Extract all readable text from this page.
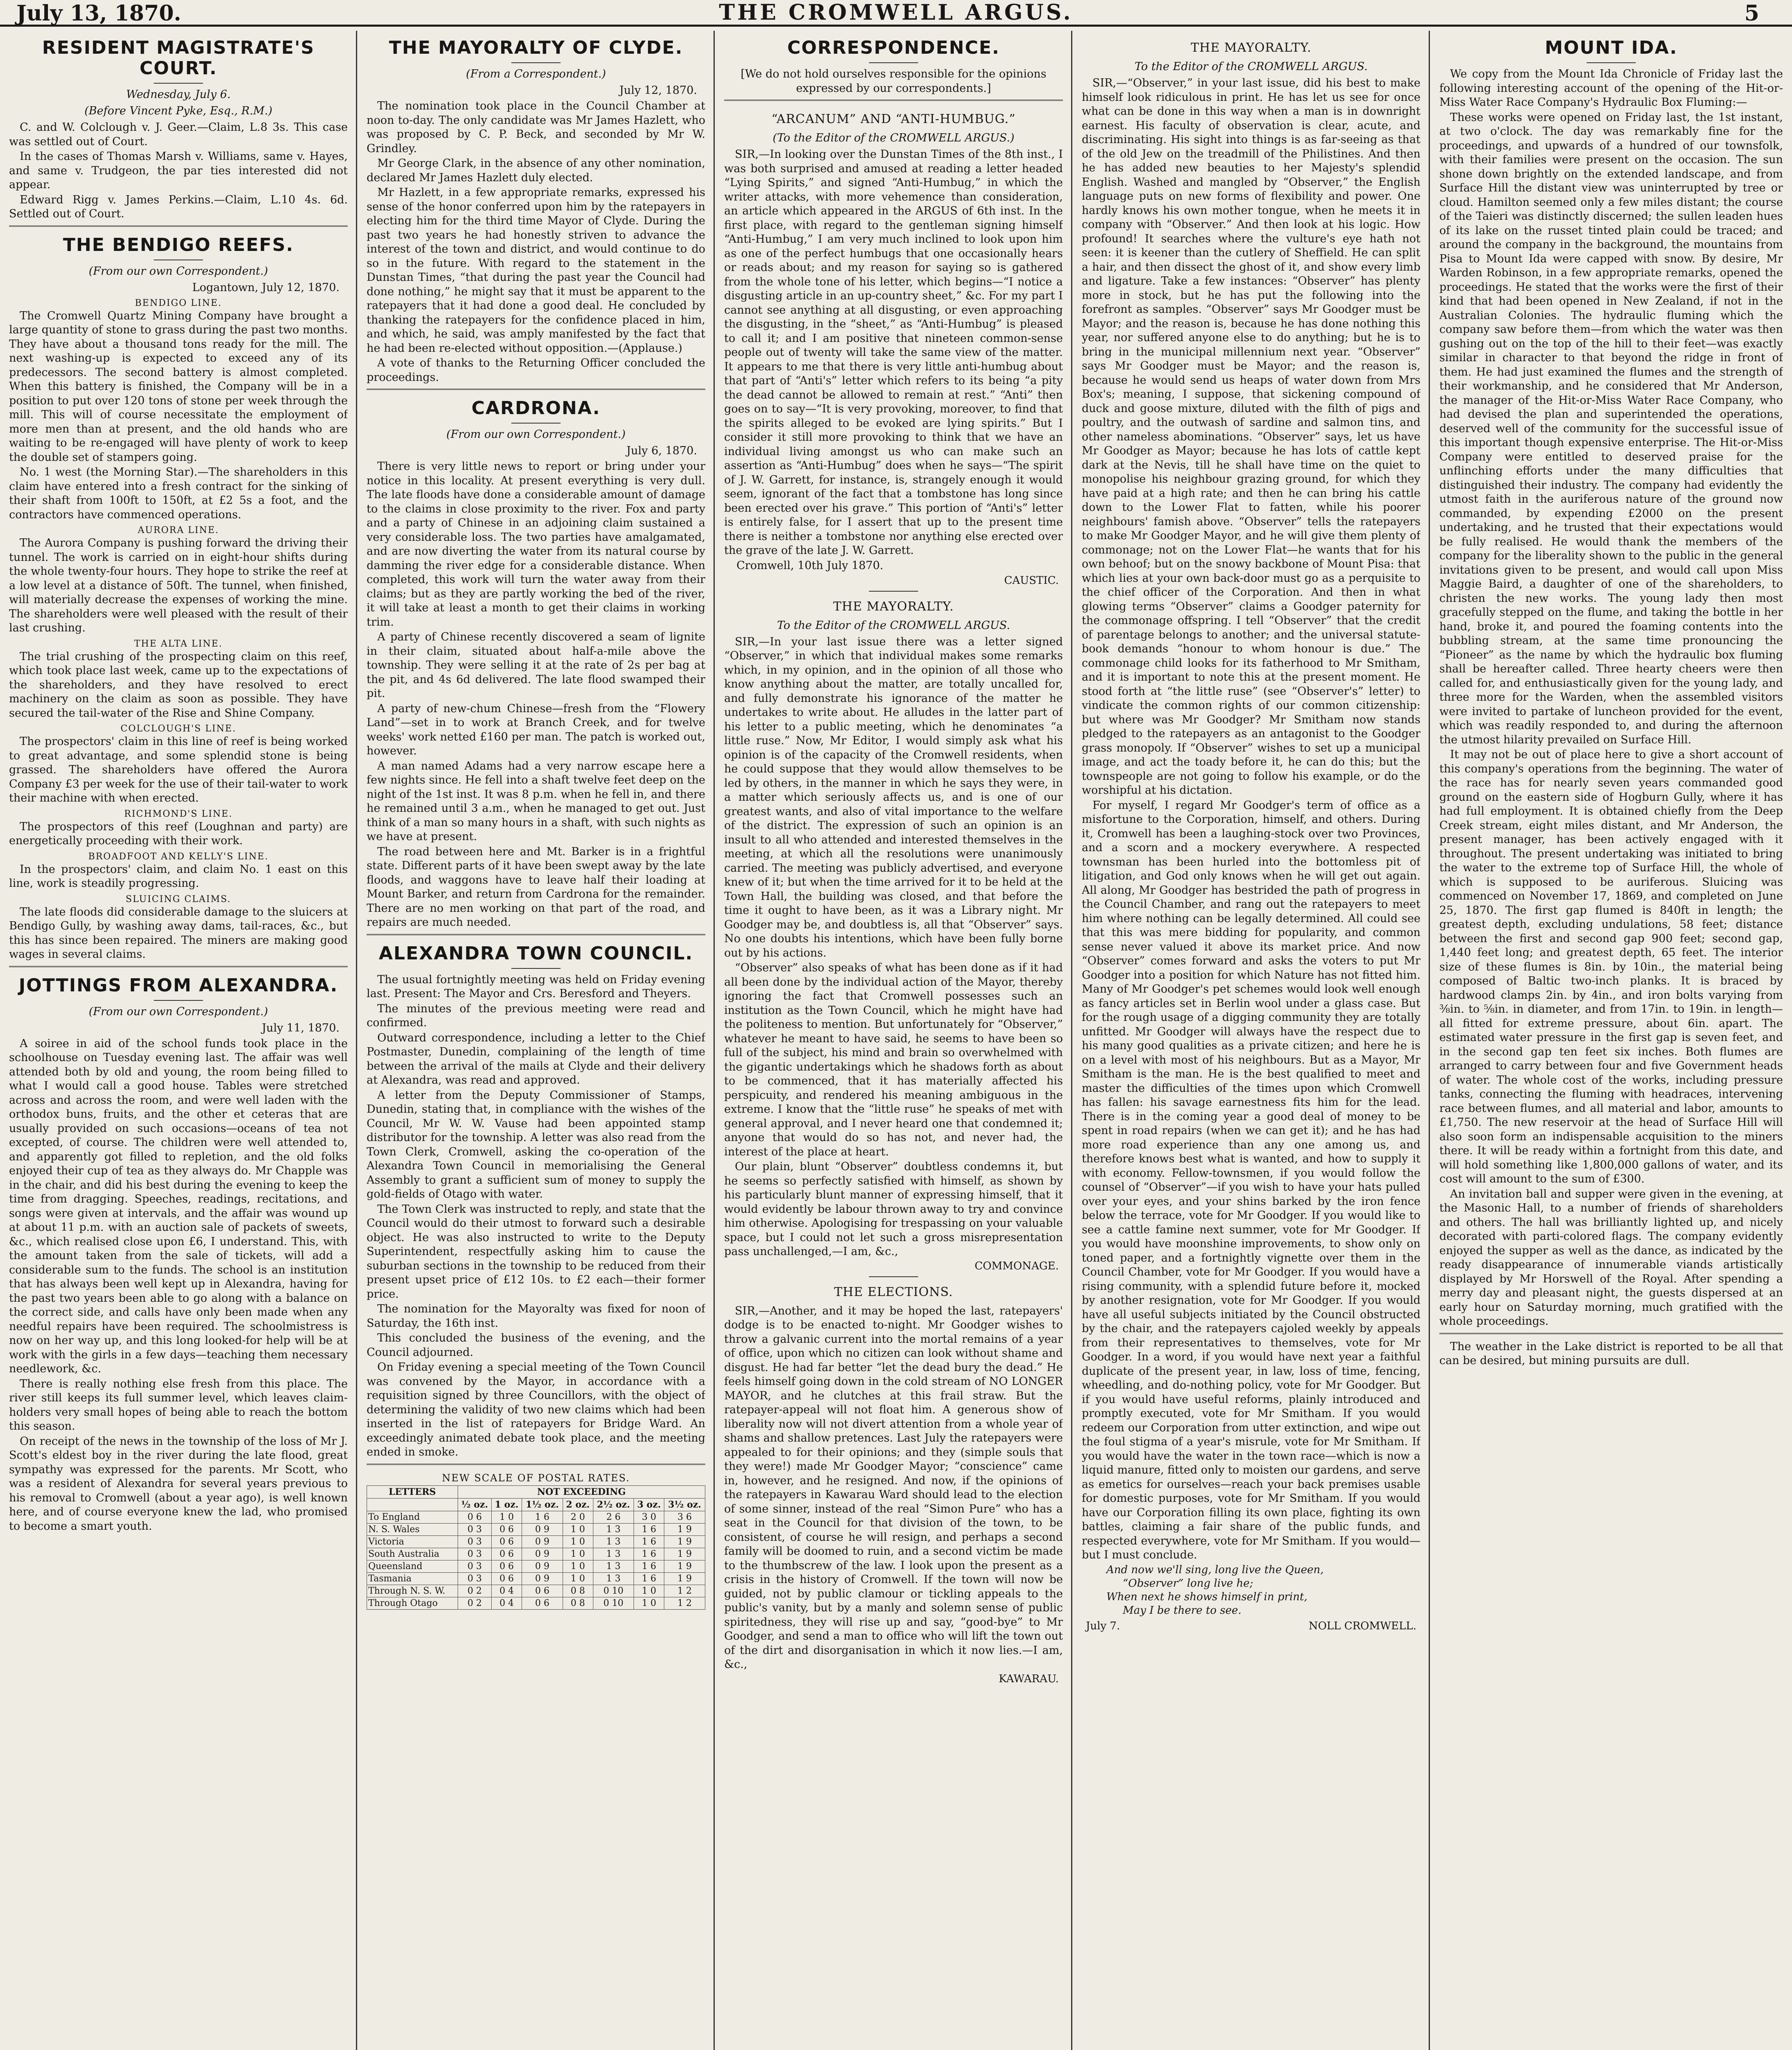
July 13, 1870.	THE CROMWELL ARGUS.	5
RESIDENT MAGISTRATE'S COURT.
Wednesday, July 6.
(Before Vincent Pyke, Esq., R.M.)

C. and W. Colclough v. J. Geer.—Claim, L.8 3s. This case was settled out of Court.

In the cases of Thomas Marsh v. Williams, same v. Hayes, and same v. Trudgeon, the par ties interested did not appear.

Edward Rigg v. James Perkins.—Claim, L.10 4s. 6d. Settled out of Court.

THE BENDIGO REEFS.
(From our own Correspondent.)
Logantown, July 12, 1870.
BENDIGO LINE.

The Cromwell Quartz Mining Company have brought a large quantity of stone to grass during the past two months. They have about a thousand tons ready for the mill. The next washing-up is expected to exceed any of its predecessors. The second battery is almost completed. When this battery is finished, the Company will be in a position to put over 120 tons of stone per week through the mill. This will of course necessitate the employment of more men than at present, and the old hands who are waiting to be re-engaged will have plenty of work to keep the double set of stampers going.

No. 1 west (the Morning Star).—The shareholders in this claim have entered into a fresh contract for the sinking of their shaft from 100ft to 150ft, at £2 5s a foot, and the contractors have commenced operations.

AURORA LINE.

The Aurora Company is pushing forward the driving their tunnel. The work is carried on in eight-hour shifts during the whole twenty-four hours. They hope to strike the reef at a low level at a distance of 50ft. The tunnel, when finished, will materially decrease the expenses of working the mine. The shareholders were well pleased with the result of their last crushing.

THE ALTA LINE.

The trial crushing of the prospecting claim on this reef, which took place last week, came up to the expectations of the shareholders, and they have resolved to erect machinery on the claim as soon as possible. They have secured the tail-water of the Rise and Shine Company.

COLCLOUGH'S LINE.

The prospectors' claim in this line of reef is being worked to great advantage, and some splendid stone is being grassed. The shareholders have offered the Aurora Company £3 per week for the use of their tail-water to work their machine with when erected.

RICHMOND'S LINE.

The prospectors of this reef (Loughnan and party) are energetically proceeding with their work.

BROADFOOT AND KELLY'S LINE.

In the prospectors' claim, and claim No. 1 east on this line, work is steadily progressing.

SLUICING CLAIMS.

The late floods did considerable damage to the sluicers at Bendigo Gully, by washing away dams, tail-races, &c., but this has since been repaired. The miners are making good wages in several claims.

JOTTINGS FROM ALEXANDRA.
(From our own Correspondent.)
July 11, 1870.

A soiree in aid of the school funds took place in the schoolhouse on Tuesday evening last. The affair was well attended both by old and young, the room being filled to what I would call a good house. Tables were stretched across and across the room, and were well laden with the orthodox buns, fruits, and the other et ceteras that are usually provided on such occasions—oceans of tea not excepted, of course. The children were well attended to, and apparently got filled to repletion, and the old folks enjoyed their cup of tea as they always do. Mr Chapple was in the chair, and did his best during the evening to keep the time from dragging. Speeches, readings, recitations, and songs were given at intervals, and the affair was wound up at about 11 p.m. with an auction sale of packets of sweets, &c., which realised close upon £6, I understand. This, with the amount taken from the sale of tickets, will add a considerable sum to the funds. The school is an institution that has always been well kept up in Alexandra, having for the past two years been able to go along with a balance on the correct side, and calls have only been made when any needful repairs have been required. The schoolmistress is now on her way up, and this long looked-for help will be at work with the girls in a few days—teaching them necessary needlework, &c.

There is really nothing else fresh from this place. The river still keeps its full summer level, which leaves claim-holders very small hopes of being able to reach the bottom this season.

On receipt of the news in the township of the loss of Mr J. Scott's eldest boy in the river during the late flood, great sympathy was expressed for the parents. Mr Scott, who was a resident of Alexandra for several years previous to his removal to Cromwell (about a year ago), is well known here, and of course everyone knew the lad, who promised to become a smart youth.

THE MAYORALTY OF CLYDE.
(From a Correspondent.)
July 12, 1870.

The nomination took place in the Council Chamber at noon to-day. The only candidate was Mr James Hazlett, who was proposed by C. P. Beck, and seconded by Mr W. Grindley.

Mr George Clark, in the absence of any other nomination, declared Mr James Hazlett duly elected.

Mr Hazlett, in a few appropriate remarks, expressed his sense of the honor conferred upon him by the ratepayers in electing him for the third time Mayor of Clyde. During the past two years he had honestly striven to advance the interest of the town and district, and would continue to do so in the future. With regard to the statement in the Dunstan Times, “that during the past year the Council had done nothing,” he might say that it must be apparent to the ratepayers that it had done a good deal. He concluded by thanking the ratepayers for the confidence placed in him, and which, he said, was amply manifested by the fact that he had been re-elected without opposition.—(Applause.)

A vote of thanks to the Returning Officer concluded the proceedings.

CARDRONA.
(From our own Correspondent.)
July 6, 1870.

There is very little news to report or bring under your notice in this locality. At present everything is very dull. The late floods have done a considerable amount of damage to the claims in close proximity to the river. Fox and party and a party of Chinese in an adjoining claim sustained a very considerable loss. The two parties have amalgamated, and are now diverting the water from its natural course by damming the river edge for a considerable distance. When completed, this work will turn the water away from their claims; but as they are partly working the bed of the river, it will take at least a month to get their claims in working trim.

A party of Chinese recently discovered a seam of lignite in their claim, situated about half-a-mile above the township. They were selling it at the rate of 2s per bag at the pit, and 4s 6d delivered. The late flood swamped their pit.

A party of new-chum Chinese—fresh from the “Flowery Land”—set in to work at Branch Creek, and for twelve weeks' work netted £160 per man. The patch is worked out, however.

A man named Adams had a very narrow escape here a few nights since. He fell into a shaft twelve feet deep on the night of the 1st inst. It was 8 p.m. when he fell in, and there he remained until 3 a.m., when he managed to get out. Just think of a man so many hours in a shaft, with such nights as we have at present.

The road between here and Mt. Barker is in a frightful state. Different parts of it have been swept away by the late floods, and waggons have to leave half their loading at Mount Barker, and return from Cardrona for the remainder. There are no men working on that part of the road, and repairs are much needed.

ALEXANDRA TOWN COUNCIL.

The usual fortnightly meeting was held on Friday evening last. Present: The Mayor and Crs. Beresford and Theyers.

The minutes of the previous meeting were read and confirmed.

Outward correspondence, including a letter to the Chief Postmaster, Dunedin, complaining of the length of time between the arrival of the mails at Clyde and their delivery at Alexandra, was read and approved.

A letter from the Deputy Commissioner of Stamps, Dunedin, stating that, in compliance with the wishes of the Council, Mr W. W. Vause had been appointed stamp distributor for the township. A letter was also read from the Town Clerk, Cromwell, asking the co-operation of the Alexandra Town Council in memorialising the General Assembly to grant a sufficient sum of money to supply the gold-fields of Otago with water.

The Town Clerk was instructed to reply, and state that the Council would do their utmost to forward such a desirable object. He was also instructed to write to the Deputy Superintendent, respectfully asking him to cause the suburban sections in the township to be reduced from their present upset price of £12 10s. to £2 each—their former price.

The nomination for the Mayoralty was fixed for noon of Saturday, the 16th inst.

This concluded the business of the evening, and the Council adjourned.

On Friday evening a special meeting of the Town Council was convened by the Mayor, in accordance with a requisition signed by three Councillors, with the object of determining the validity of two new claims which had been inserted in the list of ratepayers for Bridge Ward. An exceedingly animated debate took place, and the meeting ended in smoke.

NEW SCALE OF POSTAL RATES.
LETTERS	NOT EXCEEDING						
	½ oz.	1 oz.	1½ oz.	2 oz.	2½ oz.	3 oz.	3½ oz.
To England	0 6	1 0	1 6	2 0	2 6	3 0	3 6
N. S. Wales	0 3	0 6	0 9	1 0	1 3	1 6	1 9
Victoria	0 3	0 6	0 9	1 0	1 3	1 6	1 9
South Australia	0 3	0 6	0 9	1 0	1 3	1 6	1 9
Queensland	0 3	0 6	0 9	1 0	1 3	1 6	1 9
Tasmania	0 3	0 6	0 9	1 0	1 3	1 6	1 9
Through N. S. W.	0 2	0 4	0 6	0 8	0 10	1 0	1 2
Through Otago	0 2	0 4	0 6	0 8	0 10	1 0	1 2
CORRESPONDENCE.

[We do not hold ourselves responsible for the opinions expressed by our correspondents.]

“ARCANUM” AND “ANTI-HUMBUG.”
(To the Editor of the CROMWELL ARGUS.)

SIR,—In looking over the Dunstan Times of the 8th inst., I was both surprised and amused at reading a letter headed “Lying Spirits,” and signed “Anti-Humbug,” in which the writer attacks, with more vehemence than consideration, an article which appeared in the ARGUS of 6th inst. In the first place, with regard to the gentleman signing himself “Anti-Humbug,” I am very much inclined to look upon him as one of the perfect humbugs that one occasionally hears or reads about; and my reason for saying so is gathered from the whole tone of his letter, which begins—“I notice a disgusting article in an up-country sheet,” &c. For my part I cannot see anything at all disgusting, or even approaching the disgusting, in the “sheet,” as “Anti-Humbug” is pleased to call it; and I am positive that nineteen common-sense people out of twenty will take the same view of the matter. It appears to me that there is very little anti-humbug about that part of “Anti's” letter which refers to its being “a pity the dead cannot be allowed to remain at rest.” “Anti” then goes on to say—“It is very provoking, moreover, to find that the spirits alleged to be evoked are lying spirits.” But I consider it still more provoking to think that we have an individual living amongst us who can make such an assertion as “Anti-Humbug” does when he says—“The spirit of J. W. Garrett, for instance, is, strangely enough it would seem, ignorant of the fact that a tombstone has long since been erected over his grave.” This portion of “Anti's” letter is entirely false, for I assert that up to the present time there is neither a tombstone nor anything else erected over the grave of the late J. W. Garrett.

Cromwell, 10th July 1870.
CAUSTIC.
THE MAYORALTY.
To the Editor of the CROMWELL ARGUS.

SIR,—In your last issue there was a letter signed “Observer,” in which that individual makes some remarks which, in my opinion, and in the opinion of all those who know anything about the matter, are totally uncalled for, and fully demonstrate his ignorance of the matter he undertakes to write about. He alludes in the latter part of his letter to a public meeting, which he denominates “a little ruse.” Now, Mr Editor, I would simply ask what his opinion is of the capacity of the Cromwell residents, when he could suppose that they would allow themselves to be led by others, in the manner in which he says they were, in a matter which seriously affects us, and is one of our greatest wants, and also of vital importance to the welfare of the district. The expression of such an opinion is an insult to all who attended and interested themselves in the meeting, at which all the resolutions were unanimously carried. The meeting was publicly advertised, and everyone knew of it; but when the time arrived for it to be held at the Town Hall, the building was closed, and that before the time it ought to have been, as it was a Library night. Mr Goodger may be, and doubtless is, all that “Observer” says. No one doubts his intentions, which have been fully borne out by his actions.

“Observer” also speaks of what has been done as if it had all been done by the individual action of the Mayor, thereby ignoring the fact that Cromwell possesses such an institution as the Town Council, which he might have had the politeness to mention. But unfortunately for “Observer,” whatever he meant to have said, he seems to have been so full of the subject, his mind and brain so overwhelmed with the gigantic undertakings which he shadows forth as about to be commenced, that it has materially affected his perspicuity, and rendered his meaning ambiguous in the extreme. I know that the “little ruse” he speaks of met with general approval, and I never heard one that condemned it; anyone that would do so has not, and never had, the interest of the place at heart.

Our plain, blunt “Observer” doubtless condemns it, but he seems so perfectly satisfied with himself, as shown by his particularly blunt manner of expressing himself, that it would evidently be labour thrown away to try and convince him otherwise. Apologising for trespassing on your valuable space, but I could not let such a gross misrepresentation pass unchallenged,—I am, &c.,

COMMONAGE.
THE ELECTIONS.

SIR,—Another, and it may be hoped the last, ratepayers' dodge is to be enacted to-night. Mr Goodger wishes to throw a galvanic current into the mortal remains of a year of office, upon which no citizen can look without shame and disgust. He had far better “let the dead bury the dead.” He feels himself going down in the cold stream of NO LONGER MAYOR, and he clutches at this frail straw. But the ratepayer-appeal will not float him. A generous show of liberality now will not divert attention from a whole year of shams and shallow pretences. Last July the ratepayers were appealed to for their opinions; and they (simple souls that they were!) made Mr Goodger Mayor; “conscience” came in, however, and he resigned. And now, if the opinions of the ratepayers in Kawarau Ward should lead to the election of some sinner, instead of the real “Simon Pure” who has a seat in the Council for that division of the town, to be consistent, of course he will resign, and perhaps a second family will be doomed to ruin, and a second victim be made to the thumbscrew of the law. I look upon the present as a crisis in the history of Cromwell. If the town will now be guided, not by public clamour or tickling appeals to the public's vanity, but by a manly and solemn sense of public spiritedness, they will rise up and say, “good-bye” to Mr Goodger, and send a man to office who will lift the town out of the dirt and disorganisation in which it now lies.—I am, &c.,

KAWARAU.
THE MAYORALTY.
To the Editor of the CROMWELL ARGUS.

SIR,—“Observer,” in your last issue, did his best to make himself look ridiculous in print. He has let us see for once what can be done in this way when a man is in downright earnest. His faculty of observation is clear, acute, and discriminating. His sight into things is as far-seeing as that of the old Jew on the treadmill of the Philistines. And then he has added new beauties to her Majesty's splendid English. Washed and mangled by “Observer,” the English language puts on new forms of flexibility and power. One hardly knows his own mother tongue, when he meets it in company with “Observer.” And then look at his logic. How profound! It searches where the vulture's eye hath not seen: it is keener than the cutlery of Sheffield. He can split a hair, and then dissect the ghost of it, and show every limb and ligature. Take a few instances: “Observer” has plenty more in stock, but he has put the following into the forefront as samples. “Observer” says Mr Goodger must be Mayor; and the reason is, because he has done nothing this year, nor suffered anyone else to do anything; but he is to bring in the municipal millennium next year. “Observer” says Mr Goodger must be Mayor; and the reason is, because he would send us heaps of water down from Mrs Box's; meaning, I suppose, that sickening compound of duck and goose mixture, diluted with the filth of pigs and poultry, and the outwash of sardine and salmon tins, and other nameless abominations. “Observer” says, let us have Mr Goodger as Mayor; because he has lots of cattle kept dark at the Nevis, till he shall have time on the quiet to monopolise his neighbour grazing ground, for which they have paid at a high rate; and then he can bring his cattle down to the Lower Flat to fatten, while his poorer neighbours' famish above. “Observer” tells the ratepayers to make Mr Goodger Mayor, and he will give them plenty of commonage; not on the Lower Flat—he wants that for his own behoof; but on the snowy backbone of Mount Pisa: that which lies at your own back-door must go as a perquisite to the chief officer of the Corporation. And then in what glowing terms “Observer” claims a Goodger paternity for the commonage offspring. I tell “Observer” that the credit of parentage belongs to another; and the universal statute-book demands “honour to whom honour is due.” The commonage child looks for its fatherhood to Mr Smitham, and it is important to note this at the present moment. He stood forth at “the little ruse” (see “Observer's” letter) to vindicate the common rights of our common citizenship: but where was Mr Goodger? Mr Smitham now stands pledged to the ratepayers as an antagonist to the Goodger grass monopoly. If “Observer” wishes to set up a municipal image, and act the toady before it, he can do this; but the townspeople are not going to follow his example, or do the worshipful at his dictation.

For myself, I regard Mr Goodger's term of office as a misfortune to the Corporation, himself, and others. During it, Cromwell has been a laughing-stock over two Provinces, and a scorn and a mockery everywhere. A respected townsman has been hurled into the bottomless pit of litigation, and God only knows when he will get out again. All along, Mr Goodger has bestrided the path of progress in the Council Chamber, and rang out the ratepayers to meet him where nothing can be legally determined. All could see that this was mere bidding for popularity, and common sense never valued it above its market price. And now “Observer” comes forward and asks the voters to put Mr Goodger into a position for which Nature has not fitted him. Many of Mr Goodger's pet schemes would look well enough as fancy articles set in Berlin wool under a glass case. But for the rough usage of a digging community they are totally unfitted. Mr Goodger will always have the respect due to his many good qualities as a private citizen; and here he is on a level with most of his neighbours. But as a Mayor, Mr Smitham is the man. He is the best qualified to meet and master the difficulties of the times upon which Cromwell has fallen: his savage earnestness fits him for the lead. There is in the coming year a good deal of money to be spent in road repairs (when we can get it); and he has had more road experience than any one among us, and therefore knows best what is wanted, and how to supply it with economy. Fellow-townsmen, if you would follow the counsel of “Observer”—if you wish to have your hats pulled over your eyes, and your shins barked by the iron fence below the terrace, vote for Mr Goodger. If you would like to see a cattle famine next summer, vote for Mr Goodger. If you would have moonshine improvements, to show only on toned paper, and a fortnightly vignette over them in the Council Chamber, vote for Mr Goodger. If you would have a rising community, with a splendid future before it, mocked by another resignation, vote for Mr Goodger. If you would have all useful subjects initiated by the Council obstructed by the chair, and the ratepayers cajoled weekly by appeals from their representatives to themselves, vote for Mr Goodger. In a word, if you would have next year a faithful duplicate of the present year, in law, loss of time, fencing, wheedling, and do-nothing policy, vote for Mr Goodger. But if you would have useful reforms, plainly introduced and promptly executed, vote for Mr Smitham. If you would redeem our Corporation from utter extinction, and wipe out the foul stigma of a year's misrule, vote for Mr Smitham. If you would have the water in the town race—which is now a liquid manure, fitted only to moisten our gardens, and serve as emetics for ourselves—reach your back premises usable for domestic purposes, vote for Mr Smitham. If you would have our Corporation filling its own place, fighting its own battles, claiming a fair share of the public funds, and respected everywhere, vote for Mr Smitham. If you would—but I must conclude.

And now we'll sing, long live the Queen,
“Observer” long live he;
When next he shows himself in print,
May I be there to see.
July 7.	NOLL CROMWELL.
MOUNT IDA.

We copy from the Mount Ida Chronicle of Friday last the following interesting account of the opening of the Hit-or-Miss Water Race Company's Hydraulic Box Fluming:—

These works were opened on Friday last, the 1st instant, at two o'clock. The day was remarkably fine for the proceedings, and upwards of a hundred of our townsfolk, with their families were present on the occasion. The sun shone down brightly on the extended landscape, and from Surface Hill the distant view was uninterrupted by tree or cloud. Hamilton seemed only a few miles distant; the course of the Taieri was distinctly discerned; the sullen leaden hues of its lake on the russet tinted plain could be traced; and around the company in the background, the mountains from Pisa to Mount Ida were capped with snow. By desire, Mr Warden Robinson, in a few appropriate remarks, opened the proceedings. He stated that the works were the first of their kind that had been opened in New Zealand, if not in the Australian Colonies. The hydraulic fluming which the company saw before them—from which the water was then gushing out on the top of the hill to their feet—was exactly similar in character to that beyond the ridge in front of them. He had just examined the flumes and the strength of their workmanship, and he considered that Mr Anderson, the manager of the Hit-or-Miss Water Race Company, who had devised the plan and superintended the operations, deserved well of the community for the successful issue of this important though expensive enterprise. The Hit-or-Miss Company were entitled to deserved praise for the unflinching efforts under the many difficulties that distinguished their industry. The company had evidently the utmost faith in the auriferous nature of the ground now commanded, by expending £2000 on the present undertaking, and he trusted that their expectations would be fully realised. He would thank the members of the company for the liberality shown to the public in the general invitations given to be present, and would call upon Miss Maggie Baird, a daughter of one of the shareholders, to christen the new works. The young lady then most gracefully stepped on the flume, and taking the bottle in her hand, broke it, and poured the foaming contents into the bubbling stream, at the same time pronouncing the “Pioneer” as the name by which the hydraulic box fluming shall be hereafter called. Three hearty cheers were then called for, and enthusiastically given for the young lady, and three more for the Warden, when the assembled visitors were invited to partake of luncheon provided for the event, which was readily responded to, and during the afternoon the utmost hilarity prevailed on Surface Hill.

It may not be out of place here to give a short account of this company's operations from the beginning. The water of the race has for nearly seven years commanded good ground on the eastern side of Hogburn Gully, where it has had full employment. It is obtained chiefly from the Deep Creek stream, eight miles distant, and Mr Anderson, the present manager, has been actively engaged with it throughout. The present undertaking was initiated to bring the water to the extreme top of Surface Hill, the whole of which is supposed to be auriferous. Sluicing was commenced on November 17, 1869, and completed on June 25, 1870. The first gap flumed is 840ft in length; the greatest depth, excluding undulations, 58 feet; distance between the first and second gap 900 feet; second gap, 1,440 feet long; and greatest depth, 65 feet. The interior size of these flumes is 8in. by 10in., the material being composed of Baltic two-inch planks. It is braced by hardwood clamps 2in. by 4in., and iron bolts varying from ⅜in. to ⅝in. in diameter, and from 17in. to 19in. in length—all fitted for extreme pressure, about 6in. apart. The estimated water pressure in the first gap is seven feet, and in the second gap ten feet six inches. Both flumes are arranged to carry between four and five Government heads of water. The whole cost of the works, including pressure tanks, connecting the fluming with headraces, intervening race between flumes, and all material and labor, amounts to £1,750. The new reservoir at the head of Surface Hill will also soon form an indispensable acquisition to the miners there. It will be ready within a fortnight from this date, and will hold something like 1,800,000 gallons of water, and its cost will amount to the sum of £300.

An invitation ball and supper were given in the evening, at the Masonic Hall, to a number of friends of shareholders and others. The hall was brilliantly lighted up, and nicely decorated with parti-colored flags. The company evidently enjoyed the supper as well as the dance, as indicated by the ready disappearance of innumerable viands artistically displayed by Mr Horswell of the Royal. After spending a merry day and pleasant night, the guests dispersed at an early hour on Saturday morning, much gratified with the whole proceedings.

The weather in the Lake district is reported to be all that can be desired, but mining pursuits are dull.
